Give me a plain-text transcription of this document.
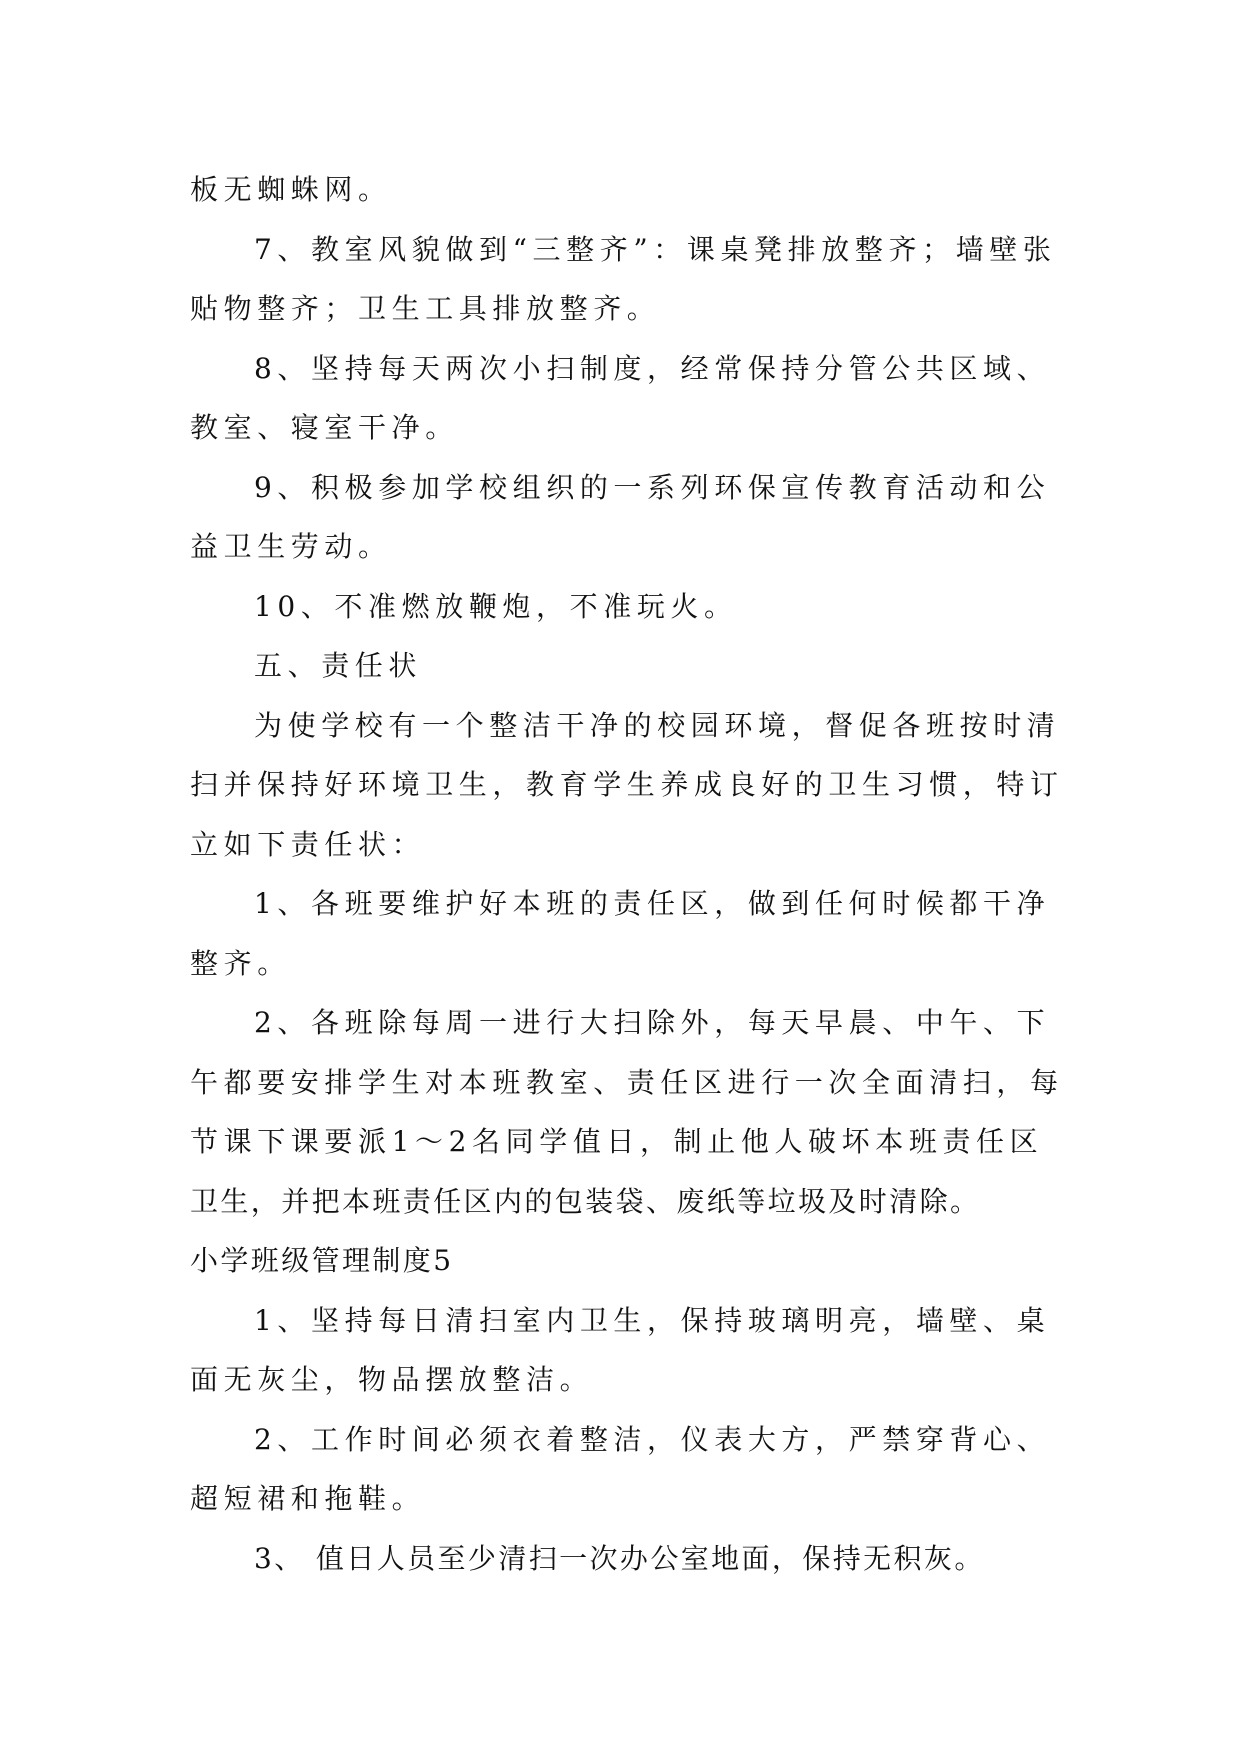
板无蜘蛛网。
7、教室风貌做到“三整齐”：课桌凳排放整齐；墙壁张
贴物整齐；卫生工具排放整齐。
8、坚持每天两次小扫制度，经常保持分管公共区域、
教室、寝室干净。
9、积极参加学校组织的一系列环保宣传教育活动和公
益卫生劳动。
10、不准燃放鞭炮，不准玩火。
五、责任状
为使学校有一个整洁干净的校园环境，督促各班按时清
扫并保持好环境卫生，教育学生养成良好的卫生习惯，特订
立如下责任状：
1、各班要维护好本班的责任区，做到任何时候都干净
整齐。
2、各班除每周一进行大扫除外，每天早晨、中午、下
午都要安排学生对本班教室、责任区进行一次全面清扫，每
节课下课要派1～2名同学值日，制止他人破坏本班责任区
卫生，并把本班责任区内的包装袋、废纸等垃圾及时清除。
小学班级管理制度5
1、坚持每日清扫室内卫生，保持玻璃明亮，墙壁、桌
面无灰尘，物品摆放整洁。
2、工作时间必须衣着整洁，仪表大方，严禁穿背心、
超短裙和拖鞋。
3、 值日人员至少清扫一次办公室地面，保持无积灰。
